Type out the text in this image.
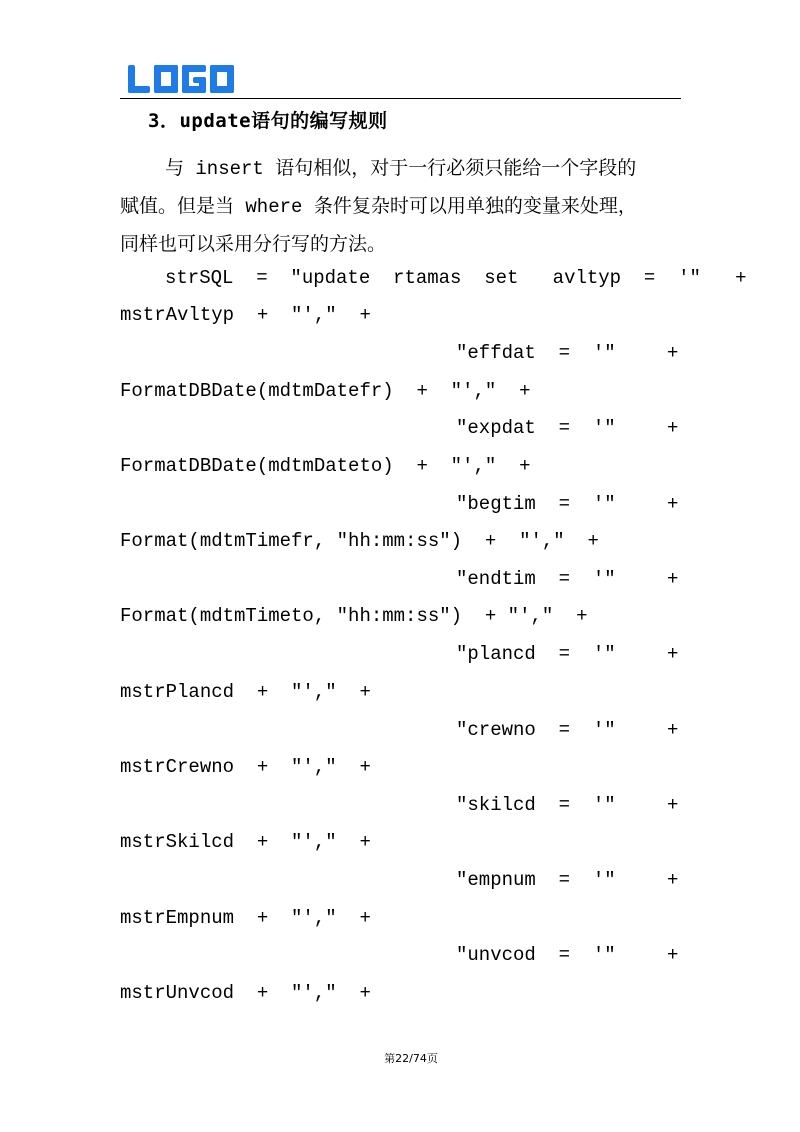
3．update语句的编写规则
与 insert 语句相似，对于一行必须只能给一个字段的
赋值。但是当 where 条件复杂时可以用单独的变量来处理，
同样也可以采用分行写的方法。
strSQL  =  "update  rtamas  set   avltyp  =  '"   +
mstrAvltyp  +  "',"  +
"effdat  =  '"	+
FormatDBDate(mdtmDatefr)  +  "',"  +
"expdat  =  '"	+
FormatDBDate(mdtmDateto)  +  "',"  +
"begtim  =  '"	+
Format(mdtmTimefr, "hh:mm:ss")  +  "',"  +
"endtim  =  '"	+
Format(mdtmTimeto, "hh:mm:ss")  + "',"  +
"plancd  =  '"	+
mstrPlancd  +  "',"  +
"crewno  =  '"	+
mstrCrewno  +  "',"  +
"skilcd  =  '"	+
mstrSkilcd  +  "',"  +
"empnum  =  '"	+
mstrEmpnum  +  "',"  +
"unvcod  =  '"	+
mstrUnvcod  +  "',"  +
第22/74页
